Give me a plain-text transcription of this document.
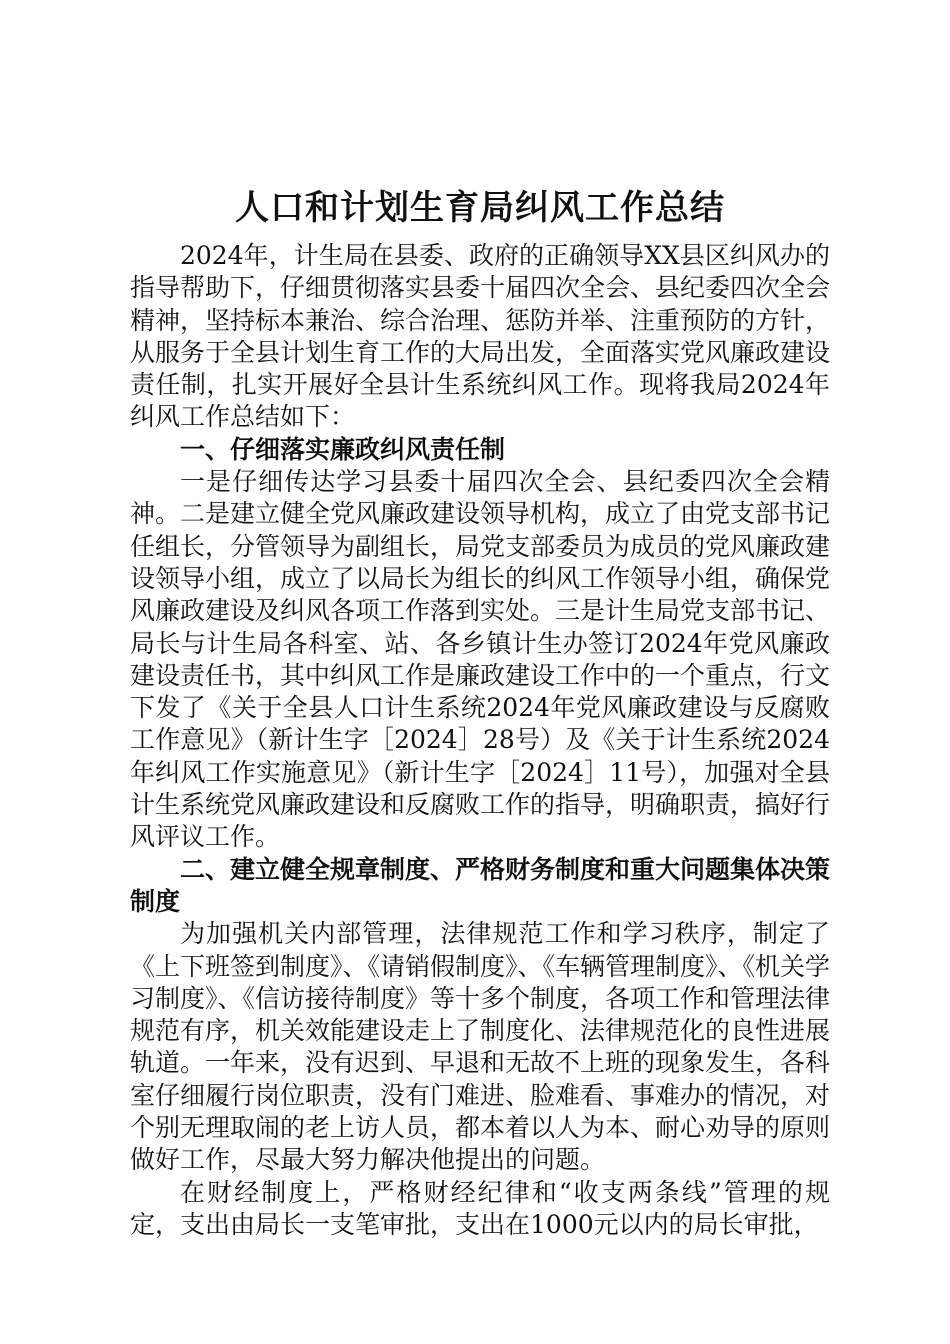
人口和计划生育局纠风工作总结

2024年，计生局在县委、政府的正确领导XX县区纠风办的指导帮助下，仔细贯彻落实县委十届四次全会、县纪委四次全会精神，坚持标本兼治、综合治理、惩防并举、注重预防的方针，从服务于全县计划生育工作的大局出发，全面落实党风廉政建设责任制，扎实开展好全县计生系统纠风工作。现将我局2024年纠风工作总结如下：

一、仔细落实廉政纠风责任制

一是仔细传达学习县委十届四次全会、县纪委四次全会精神。二是建立健全党风廉政建设领导机构，成立了由党支部书记任组长，分管领导为副组长，局党支部委员为成员的党风廉政建设领导小组，成立了以局长为组长的纠风工作领导小组，确保党风廉政建设及纠风各项工作落到实处。三是计生局党支部书记、局长与计生局各科室、站、各乡镇计生办签订2024年党风廉政建设责任书，其中纠风工作是廉政建设工作中的一个重点，行文下发了《关于全县人口计生系统2024年党风廉政建设与反腐败工作意见》（新计生字［2024］28号）及《关于计生系统2024年纠风工作实施意见》（新计生字［2024］11号），加强对全县计生系统党风廉政建设和反腐败工作的指导，明确职责，搞好行风评议工作。

二、建立健全规章制度、严格财务制度和重大问题集体决策制度

为加强机关内部管理，法律规范工作和学习秩序，制定了《上下班签到制度》、《请销假制度》、《车辆管理制度》、《机关学习制度》、《信访接待制度》等十多个制度，各项工作和管理法律规范有序，机关效能建设走上了制度化、法律规范化的良性进展轨道。一年来，没有迟到、早退和无故不上班的现象发生，各科室仔细履行岗位职责，没有门难进、脸难看、事难办的情况，对个别无理取闹的老上访人员，都本着以人为本、耐心劝导的原则做好工作，尽最大努力解决他提出的问题。

在财经制度上，严格财经纪律和“收支两条线”管理的规定，支出由局长一支笔审批，支出在1000元以内的局长审批，
